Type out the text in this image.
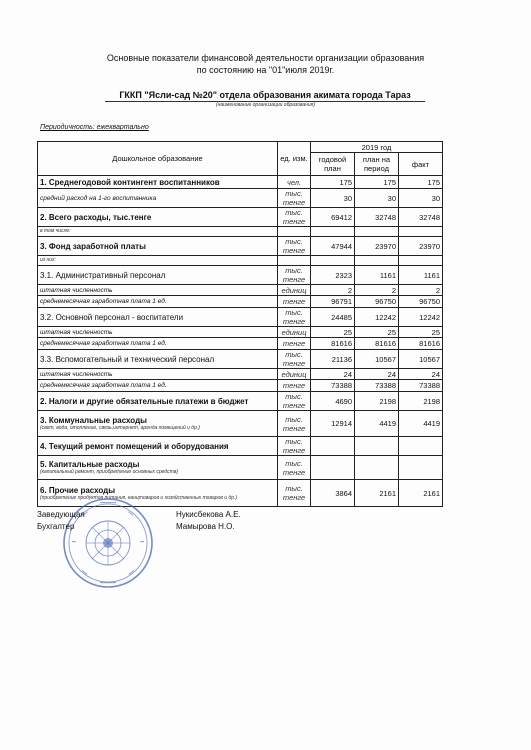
Основные показатели финансовой деятельности организации образования
по состоянию на "01"июля 2019г.
ГККП "Ясли-сад №20" отдела образования акимата города Тараз
(наименование организации образования)
Периодичность: ежеквартально
Дошкольное образование	ед. изм.	2019 год		
		годовой план	план на период	факт
1. Среднегодовой контингент воспитанников	чел.	175	175	175
средний расход на 1-го воспитанника	тыс. тенге	30	30	30
2. Всего расходы, тыс.тенге	тыс. тенге	69412	32748	32748
в том числе:				
3. Фонд заработной платы	тыс. тенге	47944	23970	23970
из них:				
3.1. Административный персонал	тыс. тенге	2323	1161	1161
штатная численность	единиц	2	2	2
среднемесячная заработная плата 1 ед.	тенге	96791	96750	96750
3.2. Основной персонал - воспитатели	тыс. тенге	24485	12242	12242
штатная численность	единиц	25	25	25
среднемесячная заработная плата 1 ед.	тенге	81616	81616	81616
3.3. Вспомогательный и технический персонал	тыс. тенге	21136	10567	10567
штатная численность	единиц	24	24	24
среднемесячная заработная плата 1 ед.	тенге	73388	73388	73388
2. Налоги и другие обязательные платежи в бюджет	тыс. тенге	4690	2198	2198
3. Коммунальные расходы
(свет, вода, отопление, связь,интернет, аренда помещений и др.)	тыс. тенге	12914	4419	4419
4. Текущий ремонт помещений и оборудования	тыс. тенге			
5. Капитальные расходы
(капитальный ремонт, приобретение основных средств)	тыс. тенге			
6. Прочие расходы
(приобретение продуктов питания, канцтоваров и хозяйственных товаров и др.)	тыс. тенге	3864	2161	2161
Заведующая	Нукисбекова А.Е.
Бухгалтер	Мамырова Н.О.
